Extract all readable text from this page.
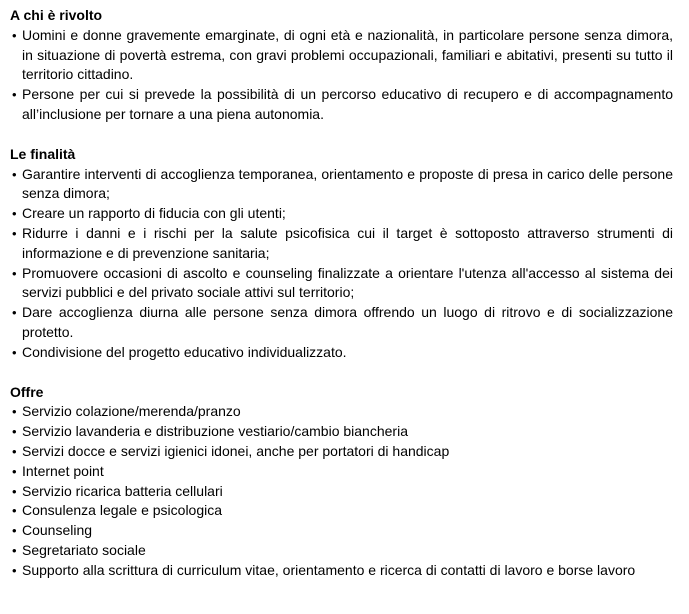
A chi è rivolto
• Uomini e donne gravemente emarginate, di ogni età e nazionalità, in particolare persone senza dimora, in situazione di povertà estrema, con gravi problemi occupazionali, familiari e abitativi, presenti su tutto il territorio cittadino.
• Persone per cui si prevede la possibilità di un percorso educativo di recupero e di accompagnamento all’inclusione per tornare a una piena autonomia.
Le finalità
• Garantire interventi di accoglienza temporanea, orientamento e proposte di presa in carico delle persone senza dimora;
• Creare un rapporto di fiducia con gli utenti;
• Ridurre i danni e i rischi per la salute psicofisica cui il target è sottoposto attraverso strumenti di informazione e di prevenzione sanitaria;
• Promuovere occasioni di ascolto e counseling finalizzate a orientare l'utenza all'accesso al sistema dei servizi pubblici e del privato sociale attivi sul territorio;
• Dare accoglienza diurna alle persone senza dimora offrendo un luogo di ritrovo e di socializzazione protetto.
• Condivisione del progetto educativo individualizzato.
Offre
• Servizio colazione/merenda/pranzo
• Servizio lavanderia e distribuzione vestiario/cambio biancheria
• Servizi docce e servizi igienici idonei, anche per portatori di handicap
• Internet point
• Servizio ricarica batteria cellulari
• Consulenza legale e psicologica
• Counseling
• Segretariato sociale
• Supporto alla scrittura di curriculum vitae, orientamento e ricerca di contatti di lavoro e borse lavoro
